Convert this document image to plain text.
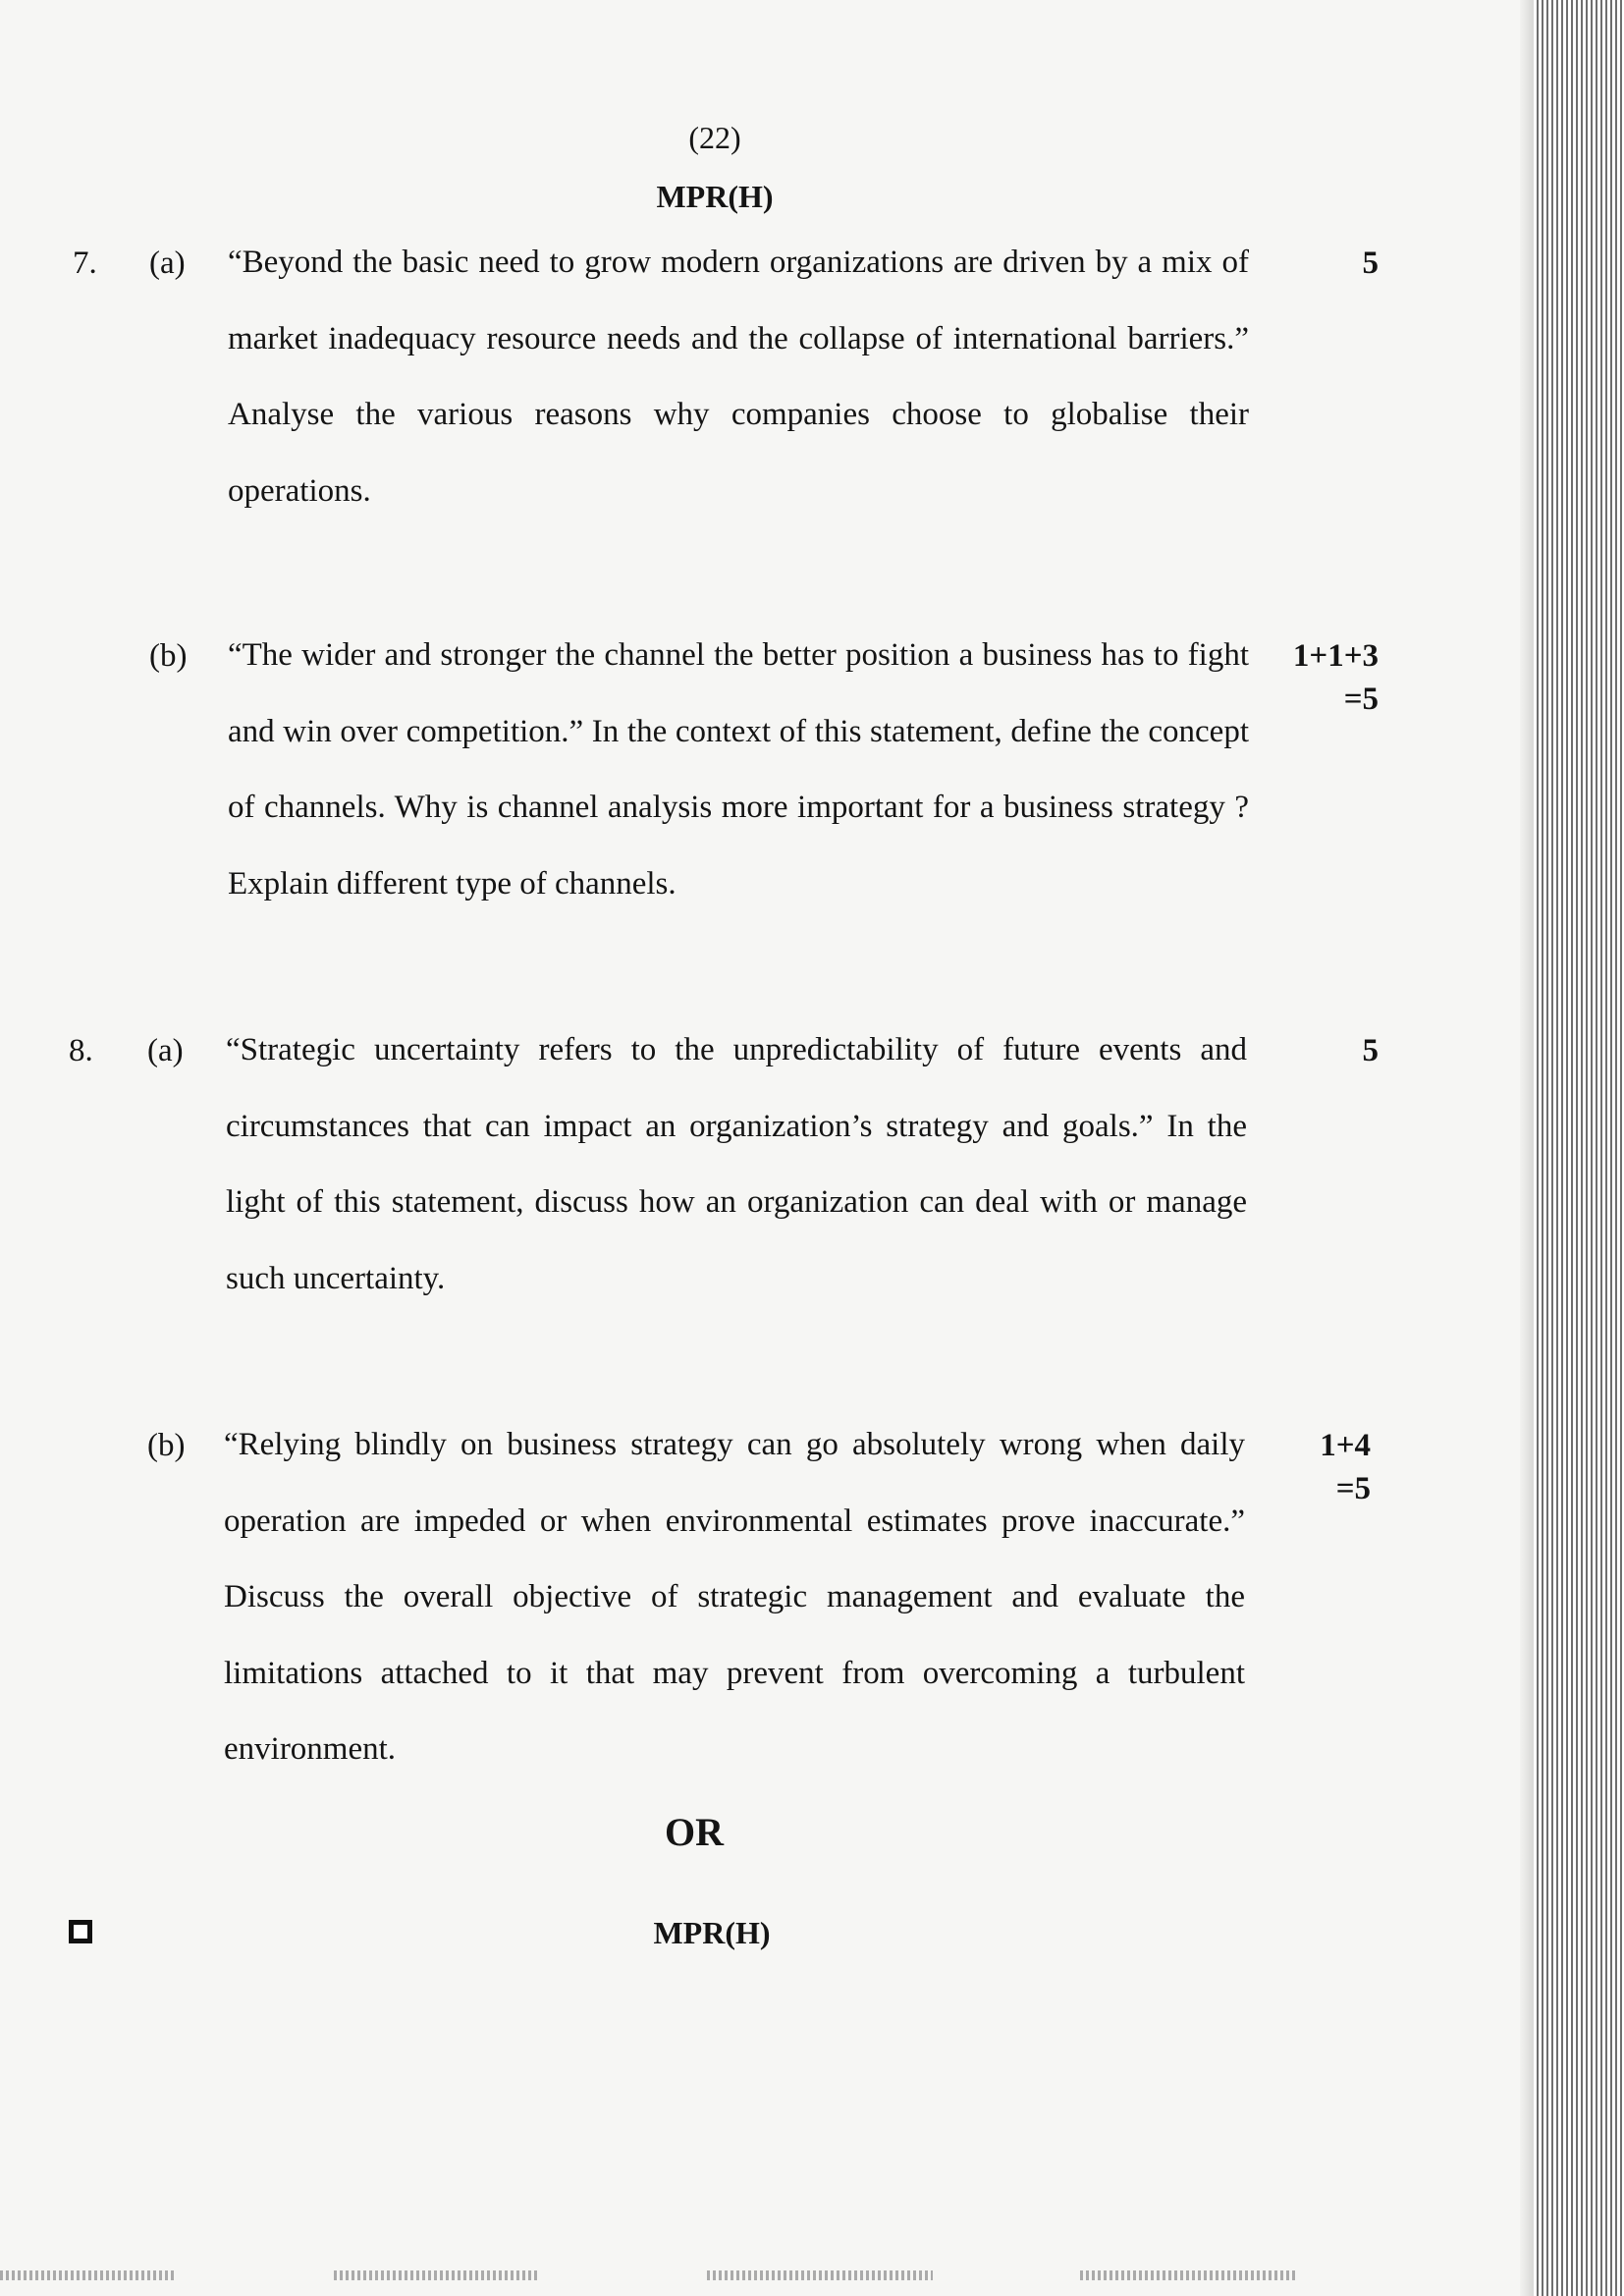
(22)
MPR(H)
7. (a) “Beyond the basic need to grow modern organizations are driven by a mix of market inadequacy resource needs and the collapse of international barriers.” Analyse the various reasons why companies choose to globalise their operations.
5
(b) “The wider and stronger the channel the better position a business has to fight and win over competition.” In the context of this statement, define the concept of channels. Why is channel analysis more important for a business strategy ? Explain different type of channels.
1+1+3
=5
8. (a) “Strategic uncertainty refers to the unpredictability of future events and circumstances that can impact an organization’s strategy and goals.” In the light of this statement, discuss how an organization can deal with or manage such uncertainty.
5
(b) “Relying blindly on business strategy can go absolutely wrong when daily operation are impeded or when environmental estimates prove inaccurate.” Discuss the overall objective of strategic management and evaluate the limitations attached to it that may prevent from overcoming a turbulent environment.
1+4
=5
OR
MPR(H)
